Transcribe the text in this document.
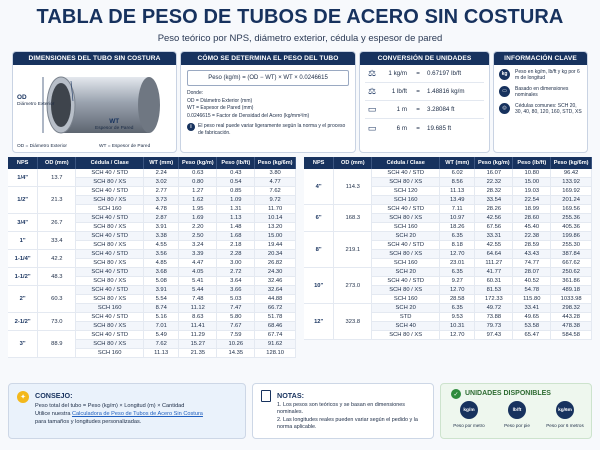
TABLA DE PESO DE TUBOS DE ACERO SIN COSTURA
Peso teórico por NPS, diámetro exterior, cédula y espesor de pared
DIMENSIONES DEL TUBO SIN COSTURA
OD
Diámetro Exterior
WT
Espesor de Pared
OD = Diámetro Exterior	WT = Espesor de Pared
CÓMO SE DETERMINA EL PESO DEL TUBO
Peso (kg/m) = (OD − WT) × WT × 0.0246615
Donde:
OD = Diámetro Exterior (mm)
WT = Espesor de Pared (mm)
0.0246615 = Factor de Densidad del Acero (kg/mm²/m)
i	El peso real puede variar ligeramente según la norma y el proceso de fabricación.
CONVERSIÓN DE UNIDADES
⚖	1 kg/m	=	0.67197 lb/ft
⚖	1 lb/ft	=	1.48816 kg/m
▭	1 m	=	3.28084 ft
▭	6 m	=	19.685 ft
INFORMACIÓN CLAVE
kg	Peso en kg/m, lb/ft y kg por 6 m de longitud
▭	Basado en dimensiones nominales
◎	Cédulas comunes: SCH 20, 30, 40, 80, 120, 160, STD, XS
NPS	OD (mm)	Cédula / Clase	WT (mm)	Peso (kg/m)	Peso (lb/ft)	Peso (kg/6m)
1/4"	13.7	SCH 40 / STD	2.24	0.63	0.43	3.80
		SCH 80 / XS	3.02	0.80	0.54	4.77
1/2"	21.3	SCH 40 / STD	2.77	1.27	0.85	7.62
		SCH 80 / XS	3.73	1.62	1.09	9.72
		SCH 160	4.78	1.95	1.31	11.70
3/4"	26.7	SCH 40 / STD	2.87	1.69	1.13	10.14
		SCH 80 / XS	3.91	2.20	1.48	13.20
1"	33.4	SCH 40 / STD	3.38	2.50	1.68	15.00
		SCH 80 / XS	4.55	3.24	2.18	19.44
1-1/4"	42.2	SCH 40 / STD	3.56	3.39	2.28	20.34
		SCH 80 / XS	4.85	4.47	3.00	26.82
1-1/2"	48.3	SCH 40 / STD	3.68	4.05	2.72	24.30
		SCH 80 / XS	5.08	5.41	3.64	32.46
2"	60.3	SCH 40 / STD	3.91	5.44	3.66	32.64
		SCH 80 / XS	5.54	7.48	5.03	44.88
		SCH 160	8.74	11.12	7.47	66.72
2-1/2"	73.0	SCH 40 / STD	5.16	8.63	5.80	51.78
		SCH 80 / XS	7.01	11.41	7.67	68.46
3"	88.9	SCH 40 / STD	5.49	11.29	7.59	67.74
		SCH 80 / XS	7.62	15.27	10.26	91.62
		SCH 160	11.13	21.35	14.35	128.10
NPS	OD (mm)	Cédula / Clase	WT (mm)	Peso (kg/m)	Peso (lb/ft)	Peso (kg/6m)
4"	114.3	SCH 40 / STD	6.02	16.07	10.80	96.42
		SCH 80 / XS	8.56	22.32	15.00	133.92
		SCH 120	11.13	28.32	19.03	169.92
		SCH 160	13.49	33.54	22.54	201.24
6"	168.3	SCH 40 / STD	7.11	28.26	18.99	169.56
		SCH 80 / XS	10.97	42.56	28.60	255.36
		SCH 160	18.26	67.56	45.40	405.36
8"	219.1	SCH 20	6.35	33.31	22.38	199.86
		SCH 40 / STD	8.18	42.55	28.59	255.30
		SCH 80 / XS	12.70	64.64	43.43	387.84
		SCH 160	23.01	111.27	74.77	667.62
10"	273.0	SCH 20	6.35	41.77	28.07	250.62
		SCH 40 / STD	9.27	60.31	40.52	361.86
		SCH 80 / XS	12.70	81.53	54.78	489.18
		SCH 160	28.58	172.33	115.80	1033.98
12"	323.8	SCH 20	6.35	49.72	33.41	298.32
		STD	9.53	73.88	49.65	443.28
		SCH 40	10.31	79.73	53.58	478.38
		SCH 80 / XS	12.70	97.43	65.47	584.58
✦	CONSEJO:
Peso total del tubo = Peso (kg/m) × Longitud (m) × Cantidad
Utilice nuestra Calculadora de Peso de Tubos de Acero Sin Costura
para tamaños y longitudes personalizadas.
NOTAS:
1. Los pesos son teóricos y se basan en dimensiones nominales.
2. Las longitudes reales pueden variar según el pedido y la norma aplicable.
✓ UNIDADES DISPONIBLES
kg/m
Peso por metro
lb/ft
Peso por pie
kg/6m
Peso por 6 metros
